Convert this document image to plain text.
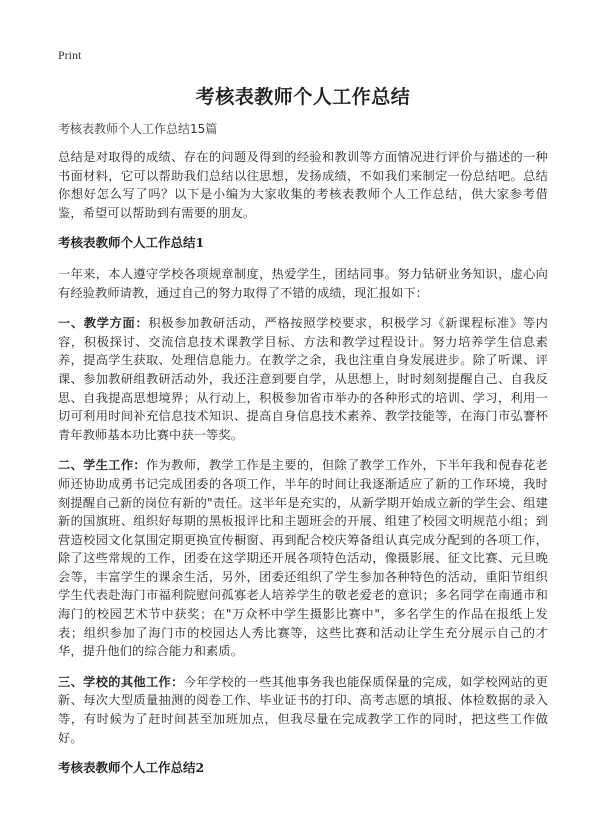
Print
考核表教师个人工作总结
考核表教师个人工作总结15篇

总结是对取得的成绩、存在的问题及得到的经验和教训等方面情况进行评价与描述的一种书面材料，它可以帮助我们总结以往思想，发扬成绩，不如我们来制定一份总结吧。总结你想好怎么写了吗？以下是小编为大家收集的考核表教师个人工作总结，供大家参考借鉴，希望可以帮助到有需要的朋友。

考核表教师个人工作总结1

一年来，本人遵守学校各项规章制度，热爱学生，团结同事。努力钻研业务知识，虚心向有经验教师请教，通过自己的努力取得了不错的成绩，现汇报如下：

一、教学方面：积极参加教研活动，严格按照学校要求，积极学习《新课程标准》等内容，积极探讨、交流信息技术课教学目标、方法和教学过程设计。努力培养学生信息素养，提高学生获取、处理信息能力。在教学之余，我也注重自身发展进步。除了听课、评课、参加教研组教研活动外，我还注意到要自学，从思想上，时时刻刻提醒自己、自我反思、自我提高思想境界；从行动上，积极参加省市举办的各种形式的培训、学习，利用一切可利用时间补充信息技术知识、提高自身信息技术素养、教学技能等，在海门市弘謇杯青年教师基本功比赛中获一等奖。

二、学生工作：作为教师，教学工作是主要的，但除了教学工作外，下半年我和倪春花老师还协助成勇书记完成团委的各项工作，半年的时间让我逐渐适应了新的工作环境，我时刻提醒自己新的岗位有新的"责任。这半年是充实的，从新学期开始成立新的学生会、组建新的国旗班、组织好每期的黑板报评比和主题班会的开展、组建了校园文明规范小组；到营造校园文化氛围定期更换宣传橱窗、再到配合校庆筹备组认真完成分配到的各项工作，除了这些常规的工作，团委在这学期还开展各项特色活动，像摄影展、征文比赛、元旦晚会等，丰富学生的课余生活，另外，团委还组织了学生参加各种特色的活动，重阳节组织学生代表赴海门市福利院慰问孤寡老人培养学生的敬老爱老的意识；多名同学在南通市和海门的校园艺术节中获奖；在"万众杯中学生摄影比赛中"，多名学生的作品在报纸上发表；组织参加了海门市的校园达人秀比赛等，这些比赛和活动让学生充分展示自己的才华，提升他们的综合能力和素质。

三、学校的其他工作：今年学校的一些其他事务我也能保质保量的完成，如学校网站的更新、每次大型质量抽测的阅卷工作、毕业证书的打印、高考志愿的填报、体检数据的录入等，有时候为了赶时间甚至加班加点，但我尽量在完成教学工作的同时，把这些工作做好。

考核表教师个人工作总结2
